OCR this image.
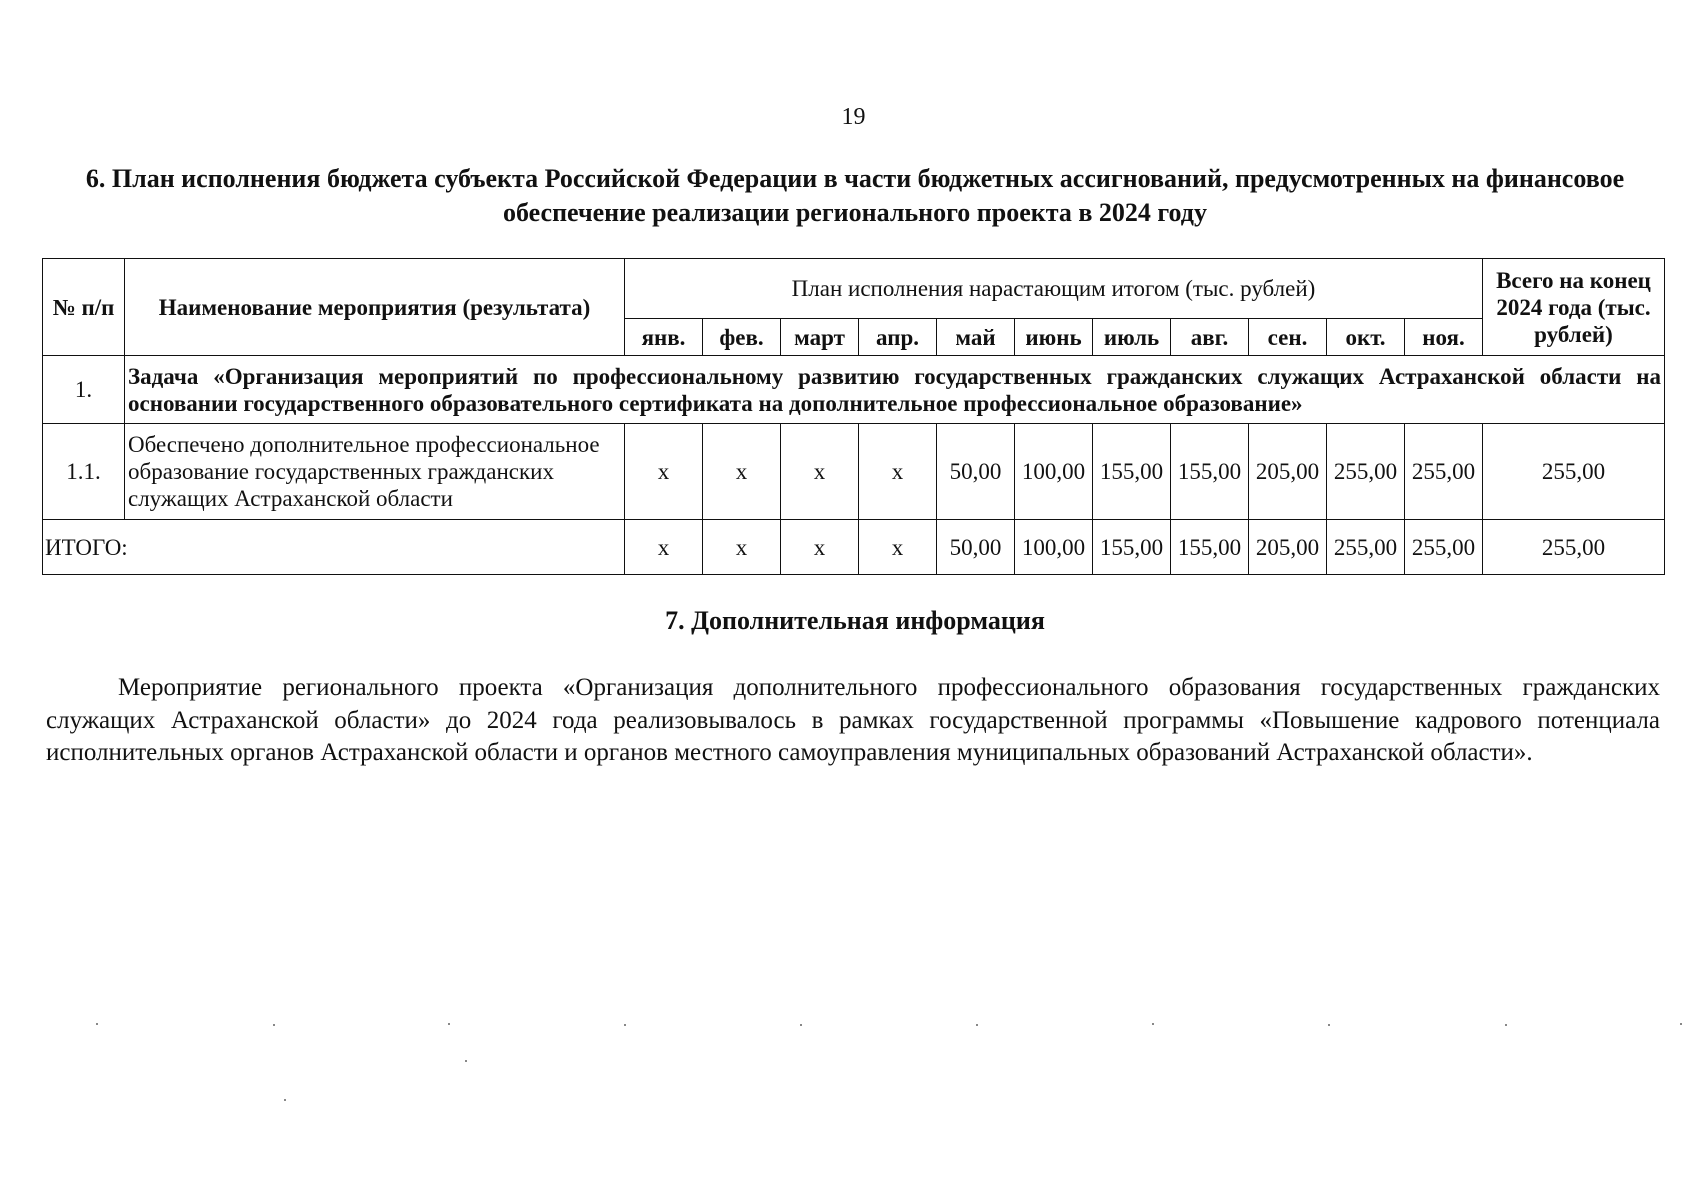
19
6. План исполнения бюджета субъекта Российской Федерации в части бюджетных ассигнований, предусмотренных на финансовое
обеспечение реализации регионального проекта в 2024 году
№ п/п	Наименование мероприятия (результата)	План исполнения нарастающим итогом (тыс. рублей)											Всего на конец 2024 года (тыс. рублей)
		янв.	фев.	март	апр.	май	июнь	июль	авг.	сен.	окт.	ноя.	
1.	Задача «Организация мероприятий по профессиональному развитию государственных гражданских служащих Астраханской области на основании государственного образовательного сертификата на дополнительное профессиональное образование»												
1.1.	Обеспечено дополнительное профессиональное образование государственных гражданских служащих Астраханской области	x	x	x	x	50,00	100,00	155,00	155,00	205,00	255,00	255,00	255,00
ИТОГО:		x	x	x	x	50,00	100,00	155,00	155,00	205,00	255,00	255,00	255,00
7. Дополнительная информация

Мероприятие регионального проекта «Организация дополнительного профессионального образования государственных гражданских служащих Астраханской области» до 2024 года реализовывалось в рамках государственной программы «Повышение кадрового потенциала исполнительных органов Астраханской области и органов местного самоуправления муниципальных образований Астраханской области».
